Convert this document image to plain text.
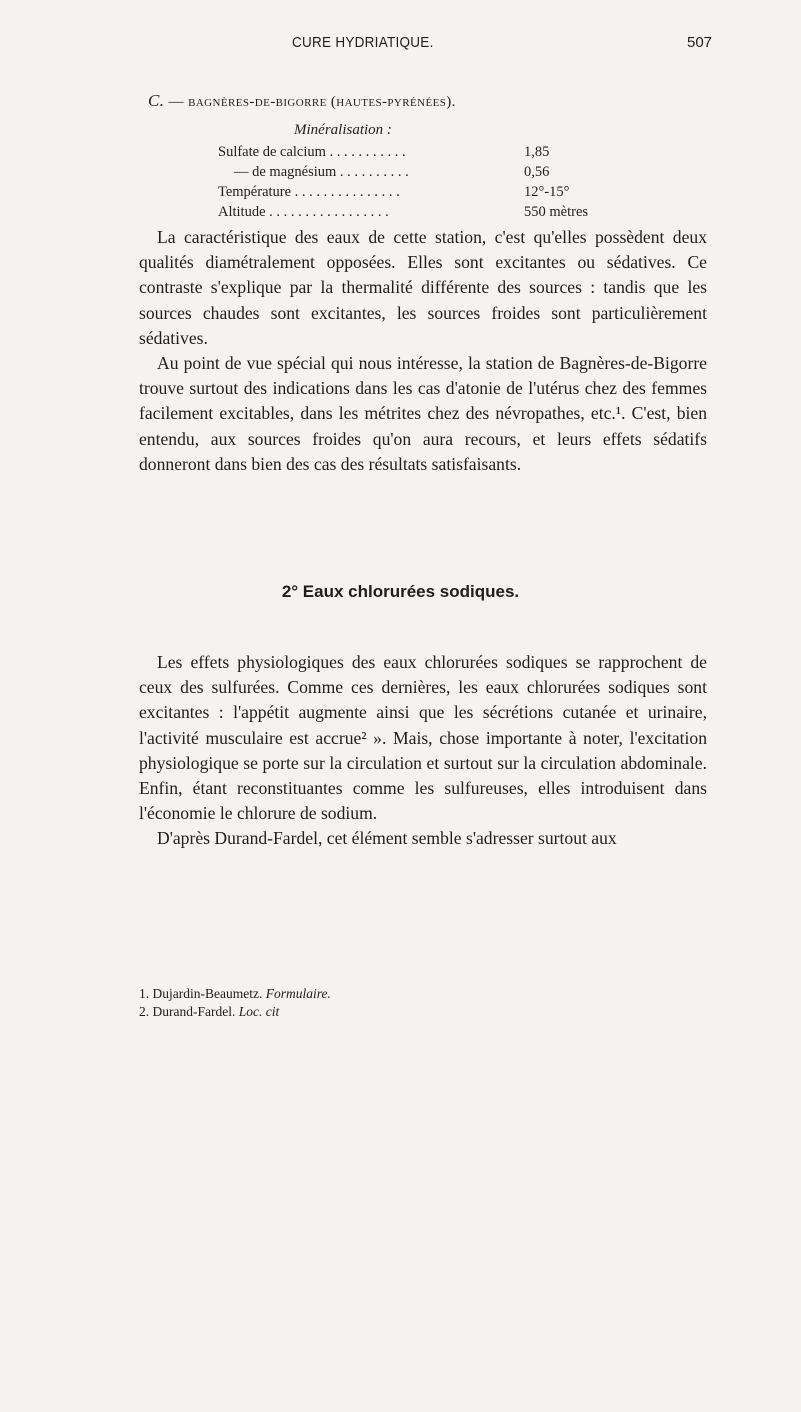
CURE HYDRIATIQUE.	507
C. — bagnères-de-bigorre (hautes-pyrénées).
Minéralisation :
Sulfate de calcium . . . . . . . . . . .	1,85
— de magnésium . . . . . . . . . .	0,56
Température . . . . . . . . . . . . . . .	12°-15°
Altitude . . . . . . . . . . . . . . . . .	550 mètres

La caractéristique des eaux de cette station, c'est qu'elles possèdent deux qualités diamétralement opposées. Elles sont excitantes ou sédatives. Ce contraste s'explique par la thermalité différente des sources : tandis que les sources chaudes sont excitantes, les sources froides sont particulièrement sédatives.

Au point de vue spécial qui nous intéresse, la station de Bagnères-de-Bigorre trouve surtout des indications dans les cas d'atonie de l'utérus chez des femmes facilement excitables, dans les métrites chez des névropathes, etc.¹. C'est, bien entendu, aux sources froides qu'on aura recours, et leurs effets sédatifs donneront dans bien des cas des résultats satisfaisants.

2° Eaux chlorurées sodiques.

Les effets physiologiques des eaux chlorurées sodiques se rapprochent de ceux des sulfurées. Comme ces dernières, les eaux chlorurées sodiques sont excitantes : l'appétit augmente ainsi que les sécrétions cutanée et urinaire, l'activité musculaire est accrue² ». Mais, chose importante à noter, l'excitation physiologique se porte sur la circulation et surtout sur la circulation abdominale. Enfin, étant reconstituantes comme les sulfureuses, elles introduisent dans l'économie le chlorure de sodium.

D'après Durand-Fardel, cet élément semble s'adresser surtout aux

1. Dujardin-Beaumetz. Formulaire.
2. Durand-Fardel. Loc. cit
